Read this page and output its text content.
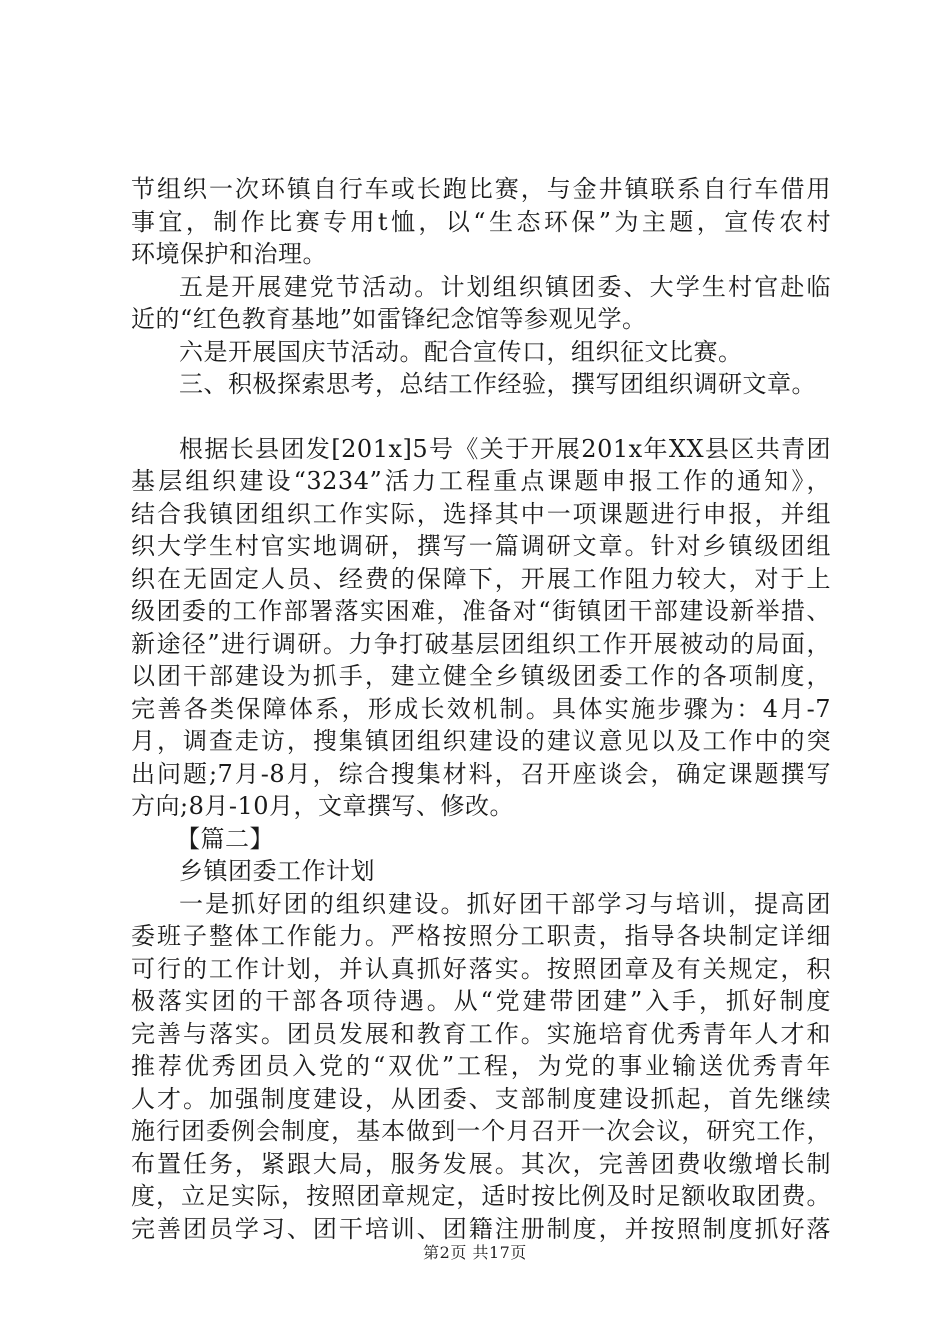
节组织一次环镇自行车或长跑比赛，与金井镇联系自行车借用
事宜，制作比赛专用t恤，以“生态环保”为主题，宣传农村
环境保护和治理。
五是开展建党节活动。计划组织镇团委、大学生村官赴临
近的“红色教育基地”如雷锋纪念馆等参观见学。
六是开展国庆节活动。配合宣传口，组织征文比赛。
三、积极探索思考，总结工作经验，撰写团组织调研文章。
根据长县团发[201x]5号《关于开展201x年XX县区共青团
基层组织建设“3234”活力工程重点课题申报工作的通知》，
结合我镇团组织工作实际，选择其中一项课题进行申报，并组
织大学生村官实地调研，撰写一篇调研文章。针对乡镇级团组
织在无固定人员、经费的保障下，开展工作阻力较大，对于上
级团委的工作部署落实困难，准备对“街镇团干部建设新举措、
新途径”进行调研。力争打破基层团组织工作开展被动的局面，
以团干部建设为抓手，建立健全乡镇级团委工作的各项制度，
完善各类保障体系，形成长效机制。具体实施步骤为：4月-7
月，调查走访，搜集镇团组织建设的建议意见以及工作中的突
出问题;7月-8月，综合搜集材料，召开座谈会，确定课题撰写
方向;8月-10月，文章撰写、修改。
【篇二】
乡镇团委工作计划
一是抓好团的组织建设。抓好团干部学习与培训，提高团
委班子整体工作能力。严格按照分工职责，指导各块制定详细
可行的工作计划，并认真抓好落实。按照团章及有关规定，积
极落实团的干部各项待遇。从“党建带团建”入手，抓好制度
完善与落实。团员发展和教育工作。实施培育优秀青年人才和
推荐优秀团员入党的“双优”工程，为党的事业输送优秀青年
人才。加强制度建设，从团委、支部制度建设抓起，首先继续
施行团委例会制度，基本做到一个月召开一次会议，研究工作，
布置任务，紧跟大局，服务发展。其次，完善团费收缴增长制
度，立足实际，按照团章规定，适时按比例及时足额收取团费。
完善团员学习、团干培训、团籍注册制度，并按照制度抓好落
第2页 共17页
